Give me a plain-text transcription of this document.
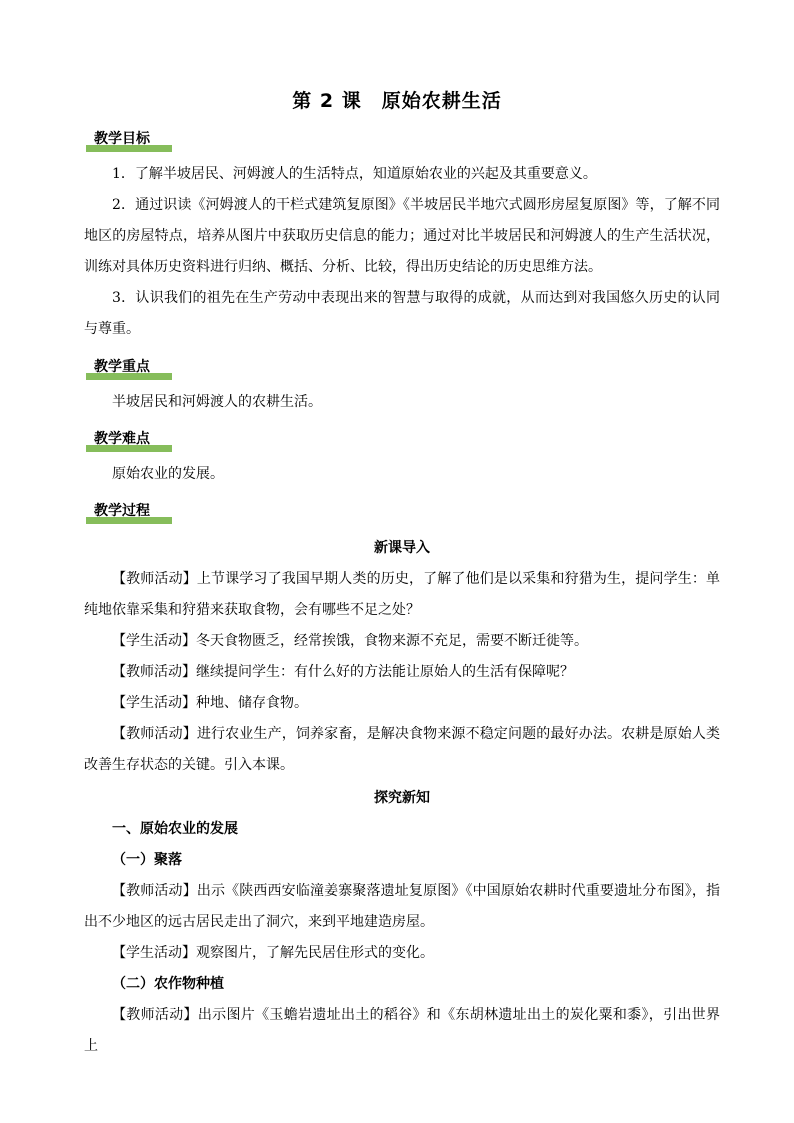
第 2 课　原始农耕生活
教学目标
1．了解半坡居民、河姆渡人的生活特点，知道原始农业的兴起及其重要意义。
2．通过识读《河姆渡人的干栏式建筑复原图》《半坡居民半地穴式圆形房屋复原图》等，了解不同地区的房屋特点，培养从图片中获取历史信息的能力；通过对比半坡居民和河姆渡人的生产生活状况，训练对具体历史资料进行归纳、概括、分析、比较，得出历史结论的历史思维方法。
3．认识我们的祖先在生产劳动中表现出来的智慧与取得的成就，从而达到对我国悠久历史的认同与尊重。
教学重点
半坡居民和河姆渡人的农耕生活。
教学难点
原始农业的发展。
教学过程
新课导入
【教师活动】上节课学习了我国早期人类的历史，了解了他们是以采集和狩猎为生，提问学生：单纯地依靠采集和狩猎来获取食物，会有哪些不足之处？
【学生活动】冬天食物匮乏，经常挨饿，食物来源不充足，需要不断迁徙等。
【教师活动】继续提问学生：有什么好的方法能让原始人的生活有保障呢？
【学生活动】种地、储存食物。
【教师活动】进行农业生产，饲养家畜，是解决食物来源不稳定问题的最好办法。农耕是原始人类改善生存状态的关键。引入本课。
探究新知
一、原始农业的发展
（一）聚落
【教师活动】出示《陕西西安临潼姜寨聚落遗址复原图》《中国原始农耕时代重要遗址分布图》，指出不少地区的远古居民走出了洞穴，来到平地建造房屋。
【学生活动】观察图片，了解先民居住形式的变化。
（二）农作物种植
【教师活动】出示图片《玉蟾岩遗址出土的稻谷》和《东胡林遗址出土的炭化粟和黍》，引出世界上
